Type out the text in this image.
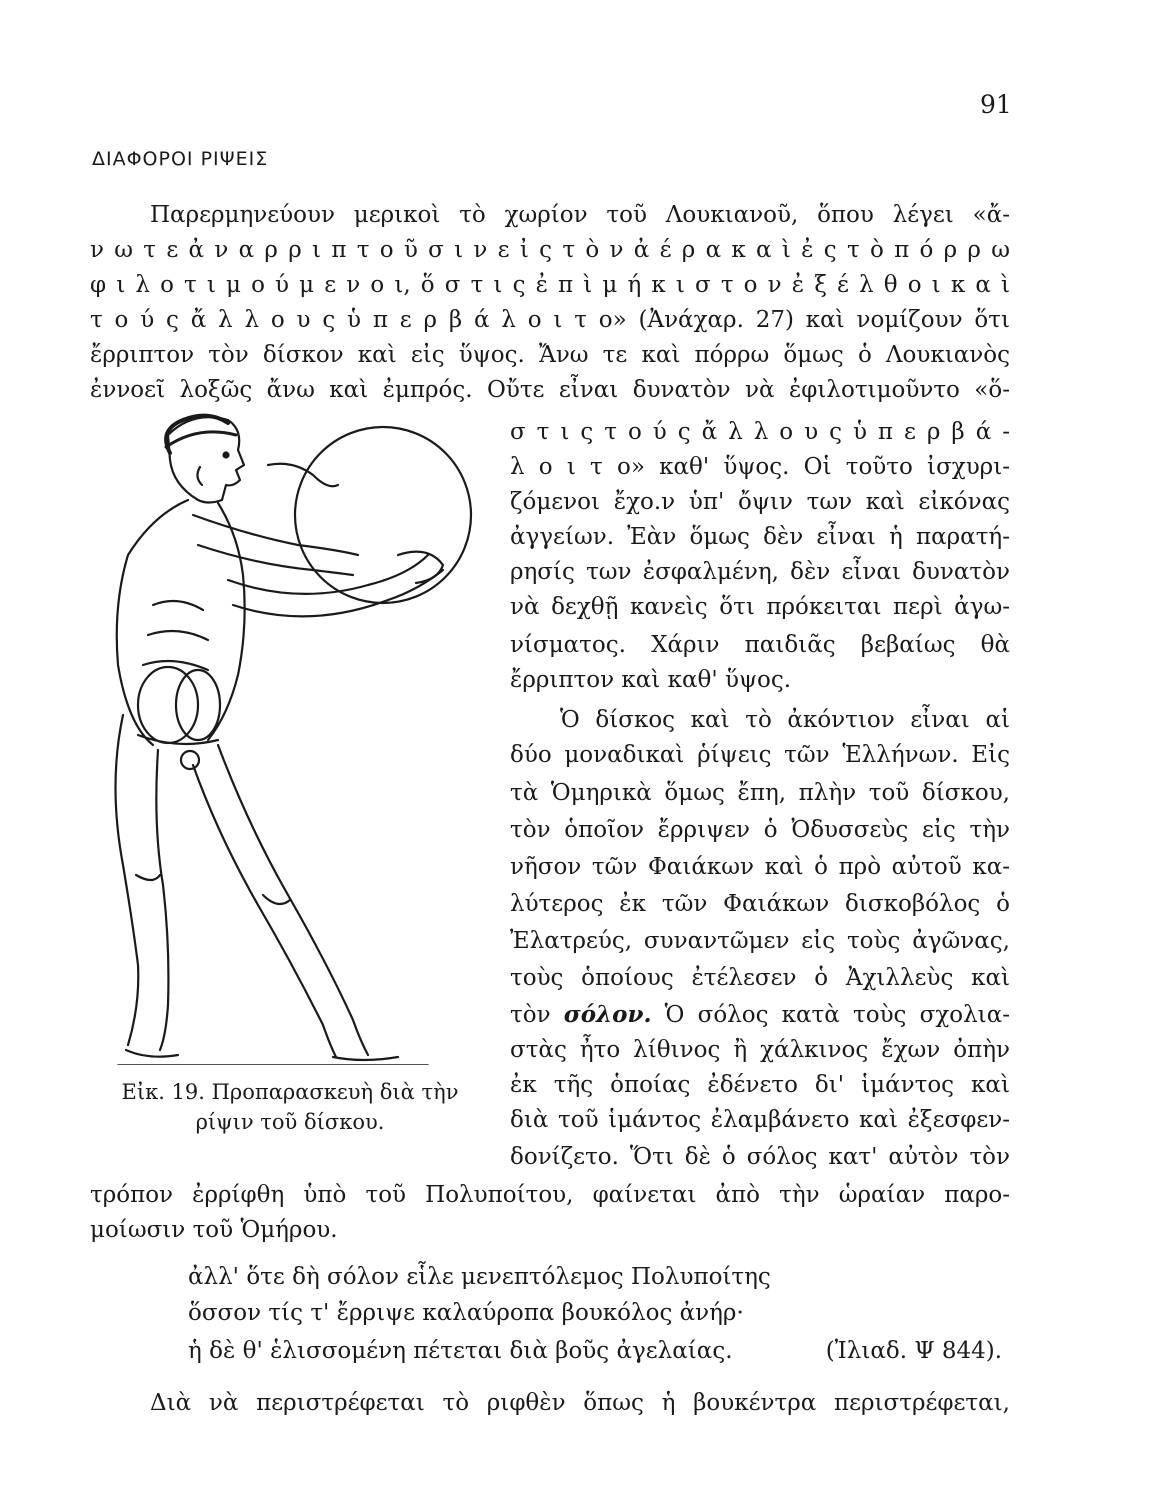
91
ΔΙΑΦΟΡΟΙ ΡΙΨΕΙΣ
Παρερμηνεύουν μερικοὶ τὸ χωρίον τοῦ Λουκιανοῦ, ὅπου λέγει «ἄ-
ν ω τ ε ἀ ν α ρ ρ ι π τ ο ῦ σ ι ν ε ἰ ς τ ὸ ν ἀ έ ρ α κ α ὶ ἐ ς τ ὸ π ό ρ ρ ω
φ ι λ ο τ ι μ ο ύ μ ε ν ο ι, ὅ σ τ ι ς ἐ π ὶ μ ή κ ι σ τ ο ν ἐ ξ έ λ θ ο ι κ α ὶ
τ ο ύ ς ἄ λ λ ο υ ς ὑ π ε ρ β ά λ ο ι τ ο» (Ἀνάχαρ. 27) καὶ νομίζουν ὅτι
ἔρριπτον τὸν δίσκον καὶ εἰς ὕψος. Ἄνω τε καὶ πόρρω ὅμως ὁ Λουκιανὸς
ἐννοεῖ λοξῶς ἄνω καὶ ἐμπρός. Οὔτε εἶναι δυνατὸν νὰ ἐφιλοτιμοῦντο «ὅ-
σ τ ι ς τ ο ύ ς ἄ λ λ ο υ ς ὑ π ε ρ β ά -
λ ο ι τ ο» καθ' ὕψος. Οἱ τοῦτο ἰσχυρι-
ζόμενοι ἔχο.ν ὑπ' ὄψιν των καὶ εἰκόνας
ἀγγείων. Ἐὰν ὅμως δὲν εἶναι ἡ παρατή-
ρησίς των ἐσφαλμένη, δὲν εἶναι δυνατὸν
νὰ δεχθῇ κανεὶς ὅτι πρόκειται περὶ ἀγω-
νίσματος. Χάριν παιδιᾶς βεβαίως θὰ
ἔρριπτον καὶ καθ' ὕψος.
Ὁ δίσκος καὶ τὸ ἀκόντιον εἶναι αἱ
δύο μοναδικαὶ ῥίψεις τῶν Ἑλλήνων. Εἰς
τὰ Ὁμηρικὰ ὅμως ἔπη, πλὴν τοῦ δίσκου,
τὸν ὁποῖον ἔρριψεν ὁ Ὀδυσσεὺς εἰς τὴν
νῆσον τῶν Φαιάκων καὶ ὁ πρὸ αὐτοῦ κα-
λύτερος ἐκ τῶν Φαιάκων δισκοβόλος ὁ
Ἐλατρεύς, συναντῶμεν εἰς τοὺς ἀγῶνας,
τοὺς ὁποίους ἐτέλεσεν ὁ Ἀχιλλεὺς καὶ
τὸν σόλον. Ὁ σόλος κατὰ τοὺς σχολια-
στὰς ἦτο λίθινος ἢ χάλκινος ἔχων ὀπὴν
ἐκ τῆς ὁποίας ἐδένετο δι' ἱμάντος καὶ
διὰ τοῦ ἱμάντος ἐλαμβάνετο καὶ ἐξεσφεν-
δονίζετο. Ὅτι δὲ ὁ σόλος κατ' αὐτὸν τὸν
τρόπον ἐρρίφθη ὑπὸ τοῦ Πολυποίτου, φαίνεται ἀπὸ τὴν ὡραίαν παρο-
μοίωσιν τοῦ Ὁμήρου.
ἀλλ' ὅτε δὴ σόλον εἷλε μενεπτόλεμος Πολυποίτης
ὅσσον τίς τ' ἔρριψε καλαύροπα βουκόλος ἀνήρ·
ἡ δὲ θ' ἑλισσομένη πέτεται διὰ βοῦς ἀγελαίας.	(Ἰλιαδ. Ψ 844).
Διὰ νὰ περιστρέφεται τὸ ριφθὲν ὅπως ἡ βουκέντρα περιστρέφεται,
Εἰκ. 19. Προπαρασκευὴ διὰ τὴν
ρίψιν τοῦ δίσκου.
